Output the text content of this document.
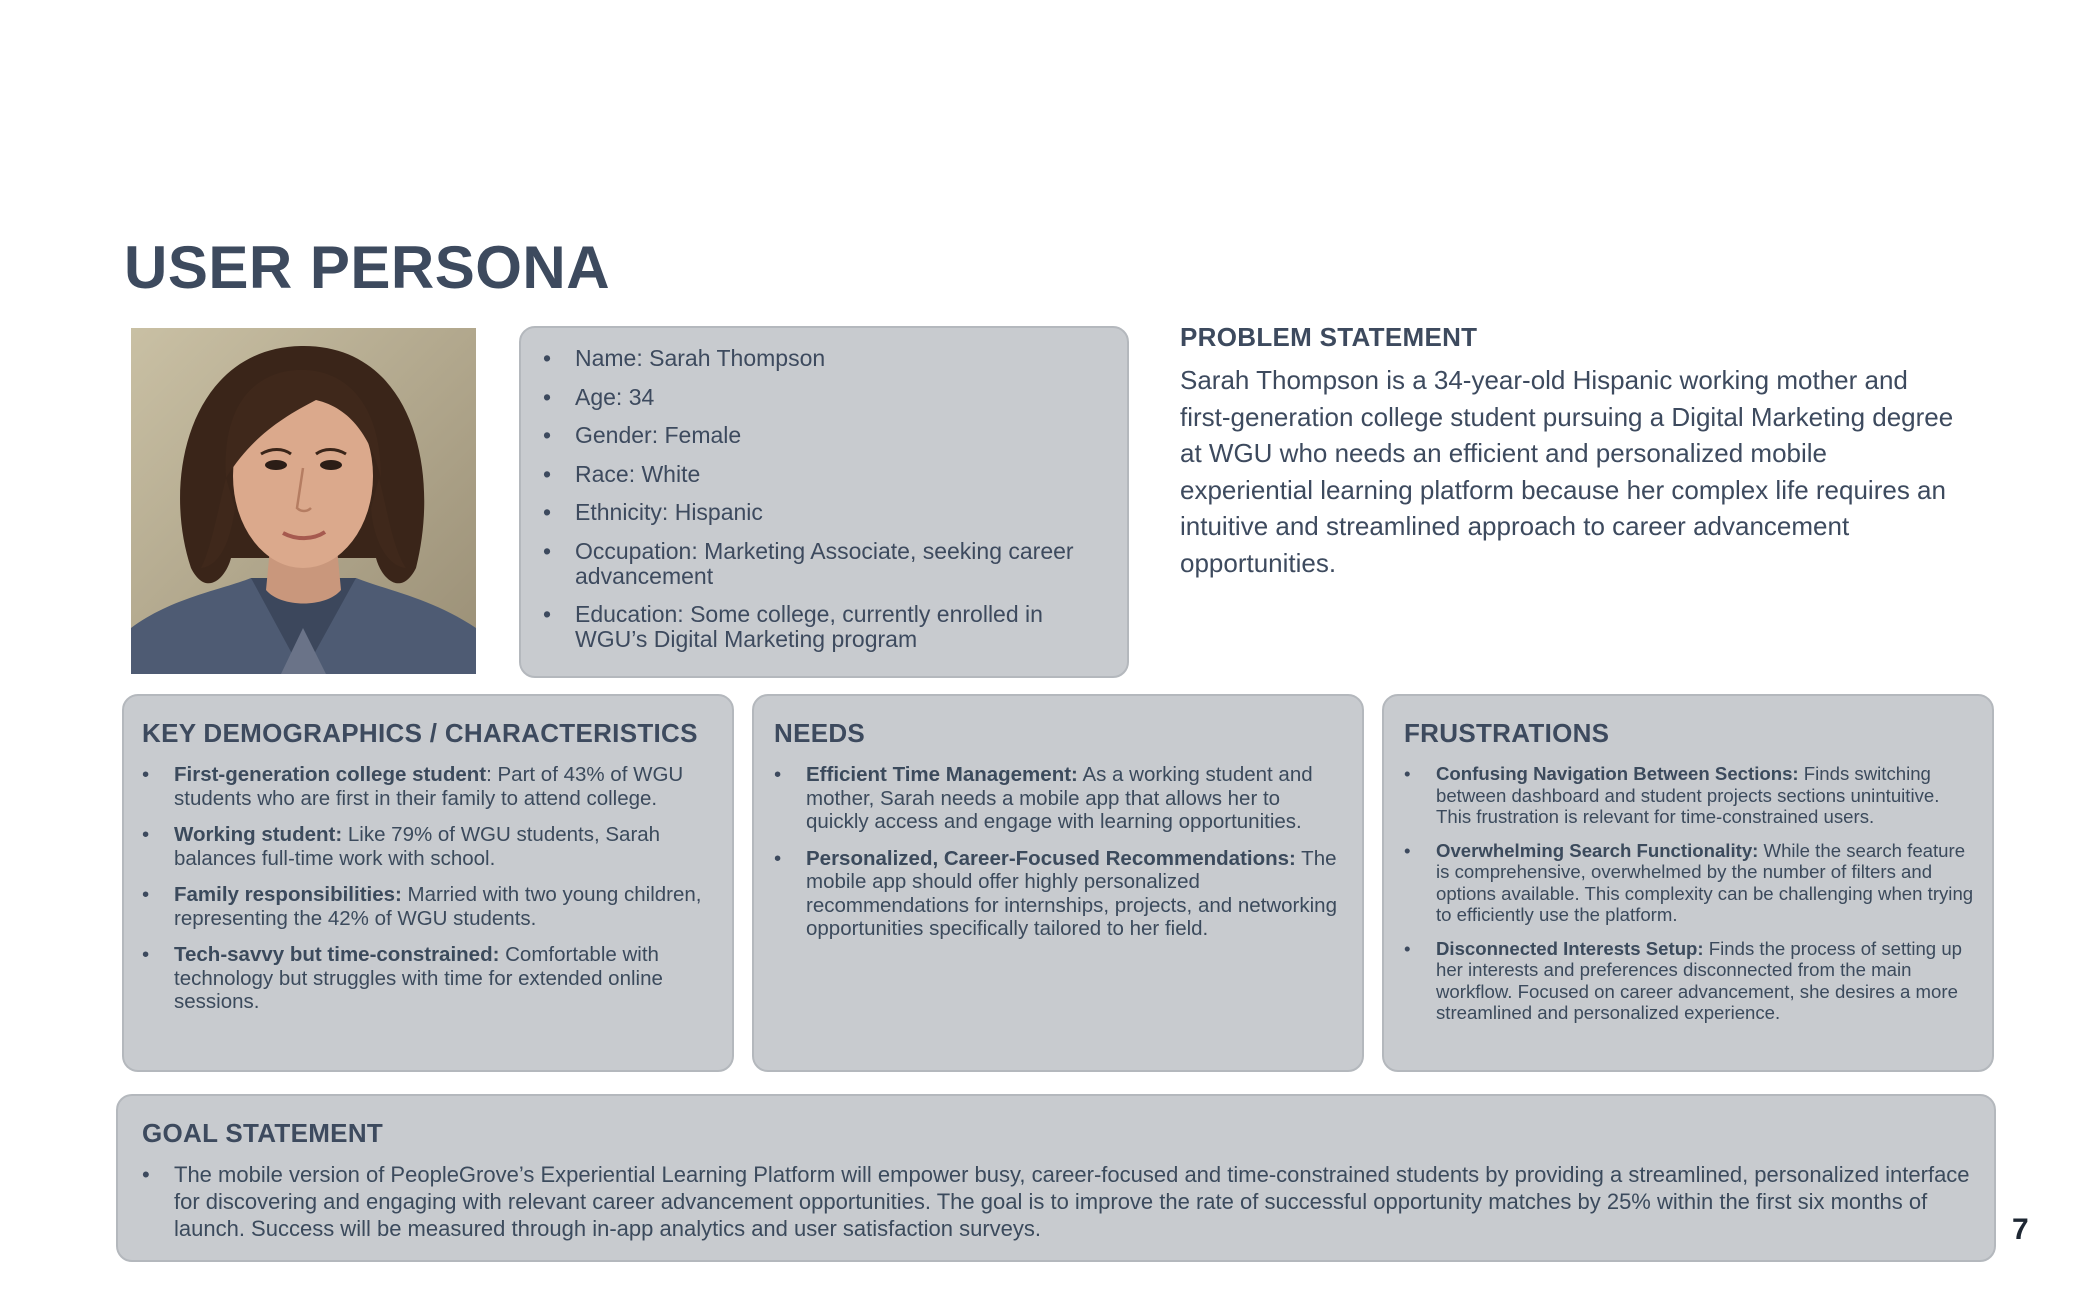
USER PERSONA
• Name: Sarah Thompson
• Age: 34
• Gender: Female
• Race: White
• Ethnicity: Hispanic
• Occupation: Marketing Associate, seeking career advancement
• Education: Some college, currently enrolled in WGU’s Digital Marketing program
PROBLEM STATEMENT

Sarah Thompson is a 34-year-old Hispanic working mother and first-generation college student pursuing a Digital Marketing degree at WGU who needs an efficient and personalized mobile experiential learning platform because her complex life requires an intuitive and streamlined approach to career advancement opportunities.

KEY DEMOGRAPHICS / CHARACTERISTICS
• First-generation college student: Part of 43% of WGU students who are first in their family to attend college.
• Working student: Like 79% of WGU students, Sarah balances full-time work with school.
• Family responsibilities: Married with two young children, representing the 42% of WGU students.
• Tech-savvy but time-constrained: Comfortable with technology but struggles with time for extended online sessions.
NEEDS
• Efficient Time Management: As a working student and mother, Sarah needs a mobile app that allows her to quickly access and engage with learning opportunities.
• Personalized, Career-Focused Recommendations: The mobile app should offer highly personalized recommendations for internships, projects, and networking opportunities specifically tailored to her field.
FRUSTRATIONS
• Confusing Navigation Between Sections: Finds switching between dashboard and student projects sections unintuitive. This frustration is relevant for time-constrained users.
• Overwhelming Search Functionality: While the search feature is comprehensive, overwhelmed by the number of filters and options available. This complexity can be challenging when trying to efficiently use the platform.
• Disconnected Interests Setup: Finds the process of setting up her interests and preferences disconnected from the main workflow. Focused on career advancement, she desires a more streamlined and personalized experience.
GOAL STATEMENT
• The mobile version of PeopleGrove’s Experiential Learning Platform will empower busy, career-focused and time-constrained students by providing a streamlined, personalized interface for discovering and engaging with relevant career advancement opportunities. The goal is to improve the rate of successful opportunity matches by 25% within the first six months of launch. Success will be measured through in-app analytics and user satisfaction surveys.	7
